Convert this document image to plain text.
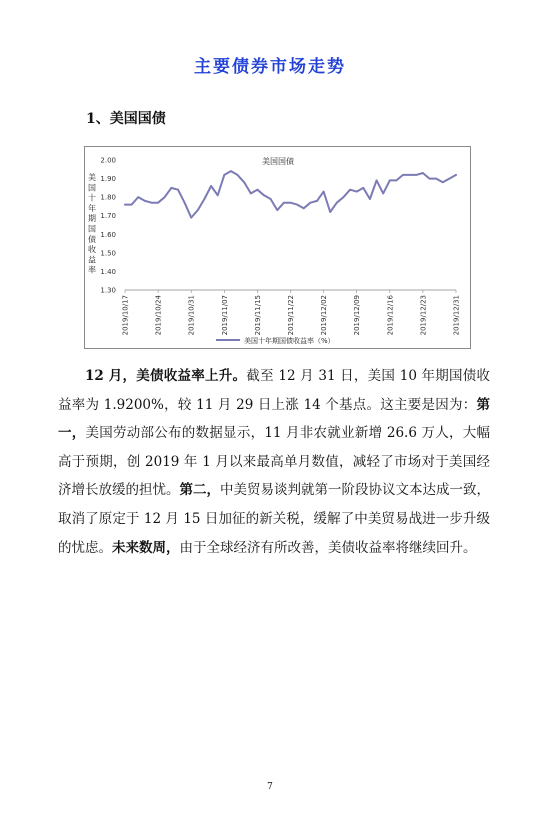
主要债券市场走势
1、美国国债
美国国债
美
国
十
年
期
国
债
收
益
率
2.00
1.90
1.80
1.70
1.60
1.50
1.40
1.30
2019/10/17	2019/10/24	2019/10/31	2019/11/07	2019/11/15	2019/11/22	2019/12/02	2019/12/09	2019/12/16	2019/12/23	2019/12/31
美国十年期国债收益率（%）

12 月，美债收益率上升。截至 12 月 31 日，美国 10 年期国债收益率为 1.9200%，较 11 月 29 日上涨 14 个基点。这主要是因为：第一，美国劳动部公布的数据显示，11 月非农就业新增 26.6 万人，大幅高于预期，创 2019 年 1 月以来最高单月数值，减轻了市场对于美国经济增长放缓的担忧。第二，中美贸易谈判就第一阶段协议文本达成一致，取消了原定于 12 月 15 日加征的新关税，缓解了中美贸易战进一步升级的忧虑。未来数周，由于全球经济有所改善，美债收益率将继续回升。

7
